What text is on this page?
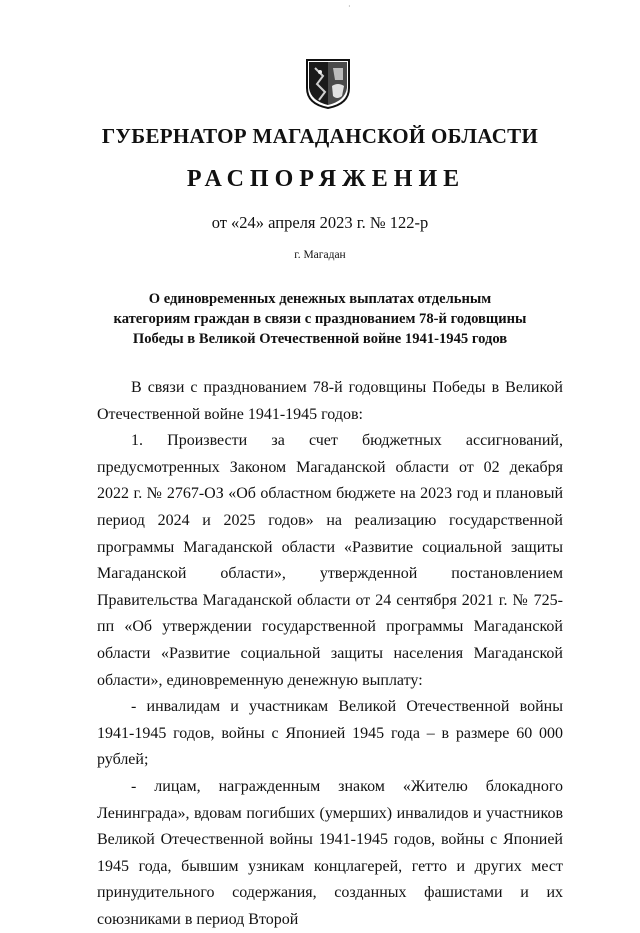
·
ГУБЕРНАТОР МАГАДАНСКОЙ ОБЛАСТИ
РАСПОРЯЖЕНИЕ
от «24» апреля 2023 г. № 122-р
г. Магадан
О единовременных денежных выплатах отдельным
категориям граждан в связи с празднованием 78-й годовщины
Победы в Великой Отечественной войне 1941-1945 годов

В связи с празднованием 78-й годовщины Победы в Великой Отечественной войне 1941-1945 годов:

1. Произвести за счет бюджетных ассигнований, предусмотренных Законом Магаданской области от 02 декабря 2022 г. № 2767-ОЗ «Об областном бюджете на 2023 год и плановый период 2024 и 2025 годов» на реализацию государственной программы Магаданской области «Развитие социальной защиты Магаданской области», утвержденной постановлением Правительства Магаданской области от 24 сентября 2021 г. № 725-пп «Об утверждении государственной программы Магаданской области «Развитие социальной защиты населения Магаданской области», единовременную денежную выплату:

- инвалидам и участникам Великой Отечественной войны 1941-1945 годов, войны с Японией 1945 года – в размере 60 000 рублей;

- лицам, награжденным знаком «Жителю блокадного Ленинграда», вдовам погибших (умерших) инвалидов и участников Великой Отечественной войны 1941-1945 годов, войны с Японией 1945 года, бывшим узникам концлагерей, гетто и других мест принудительного содержания, созданных фашистами и их союзниками в период Второй
